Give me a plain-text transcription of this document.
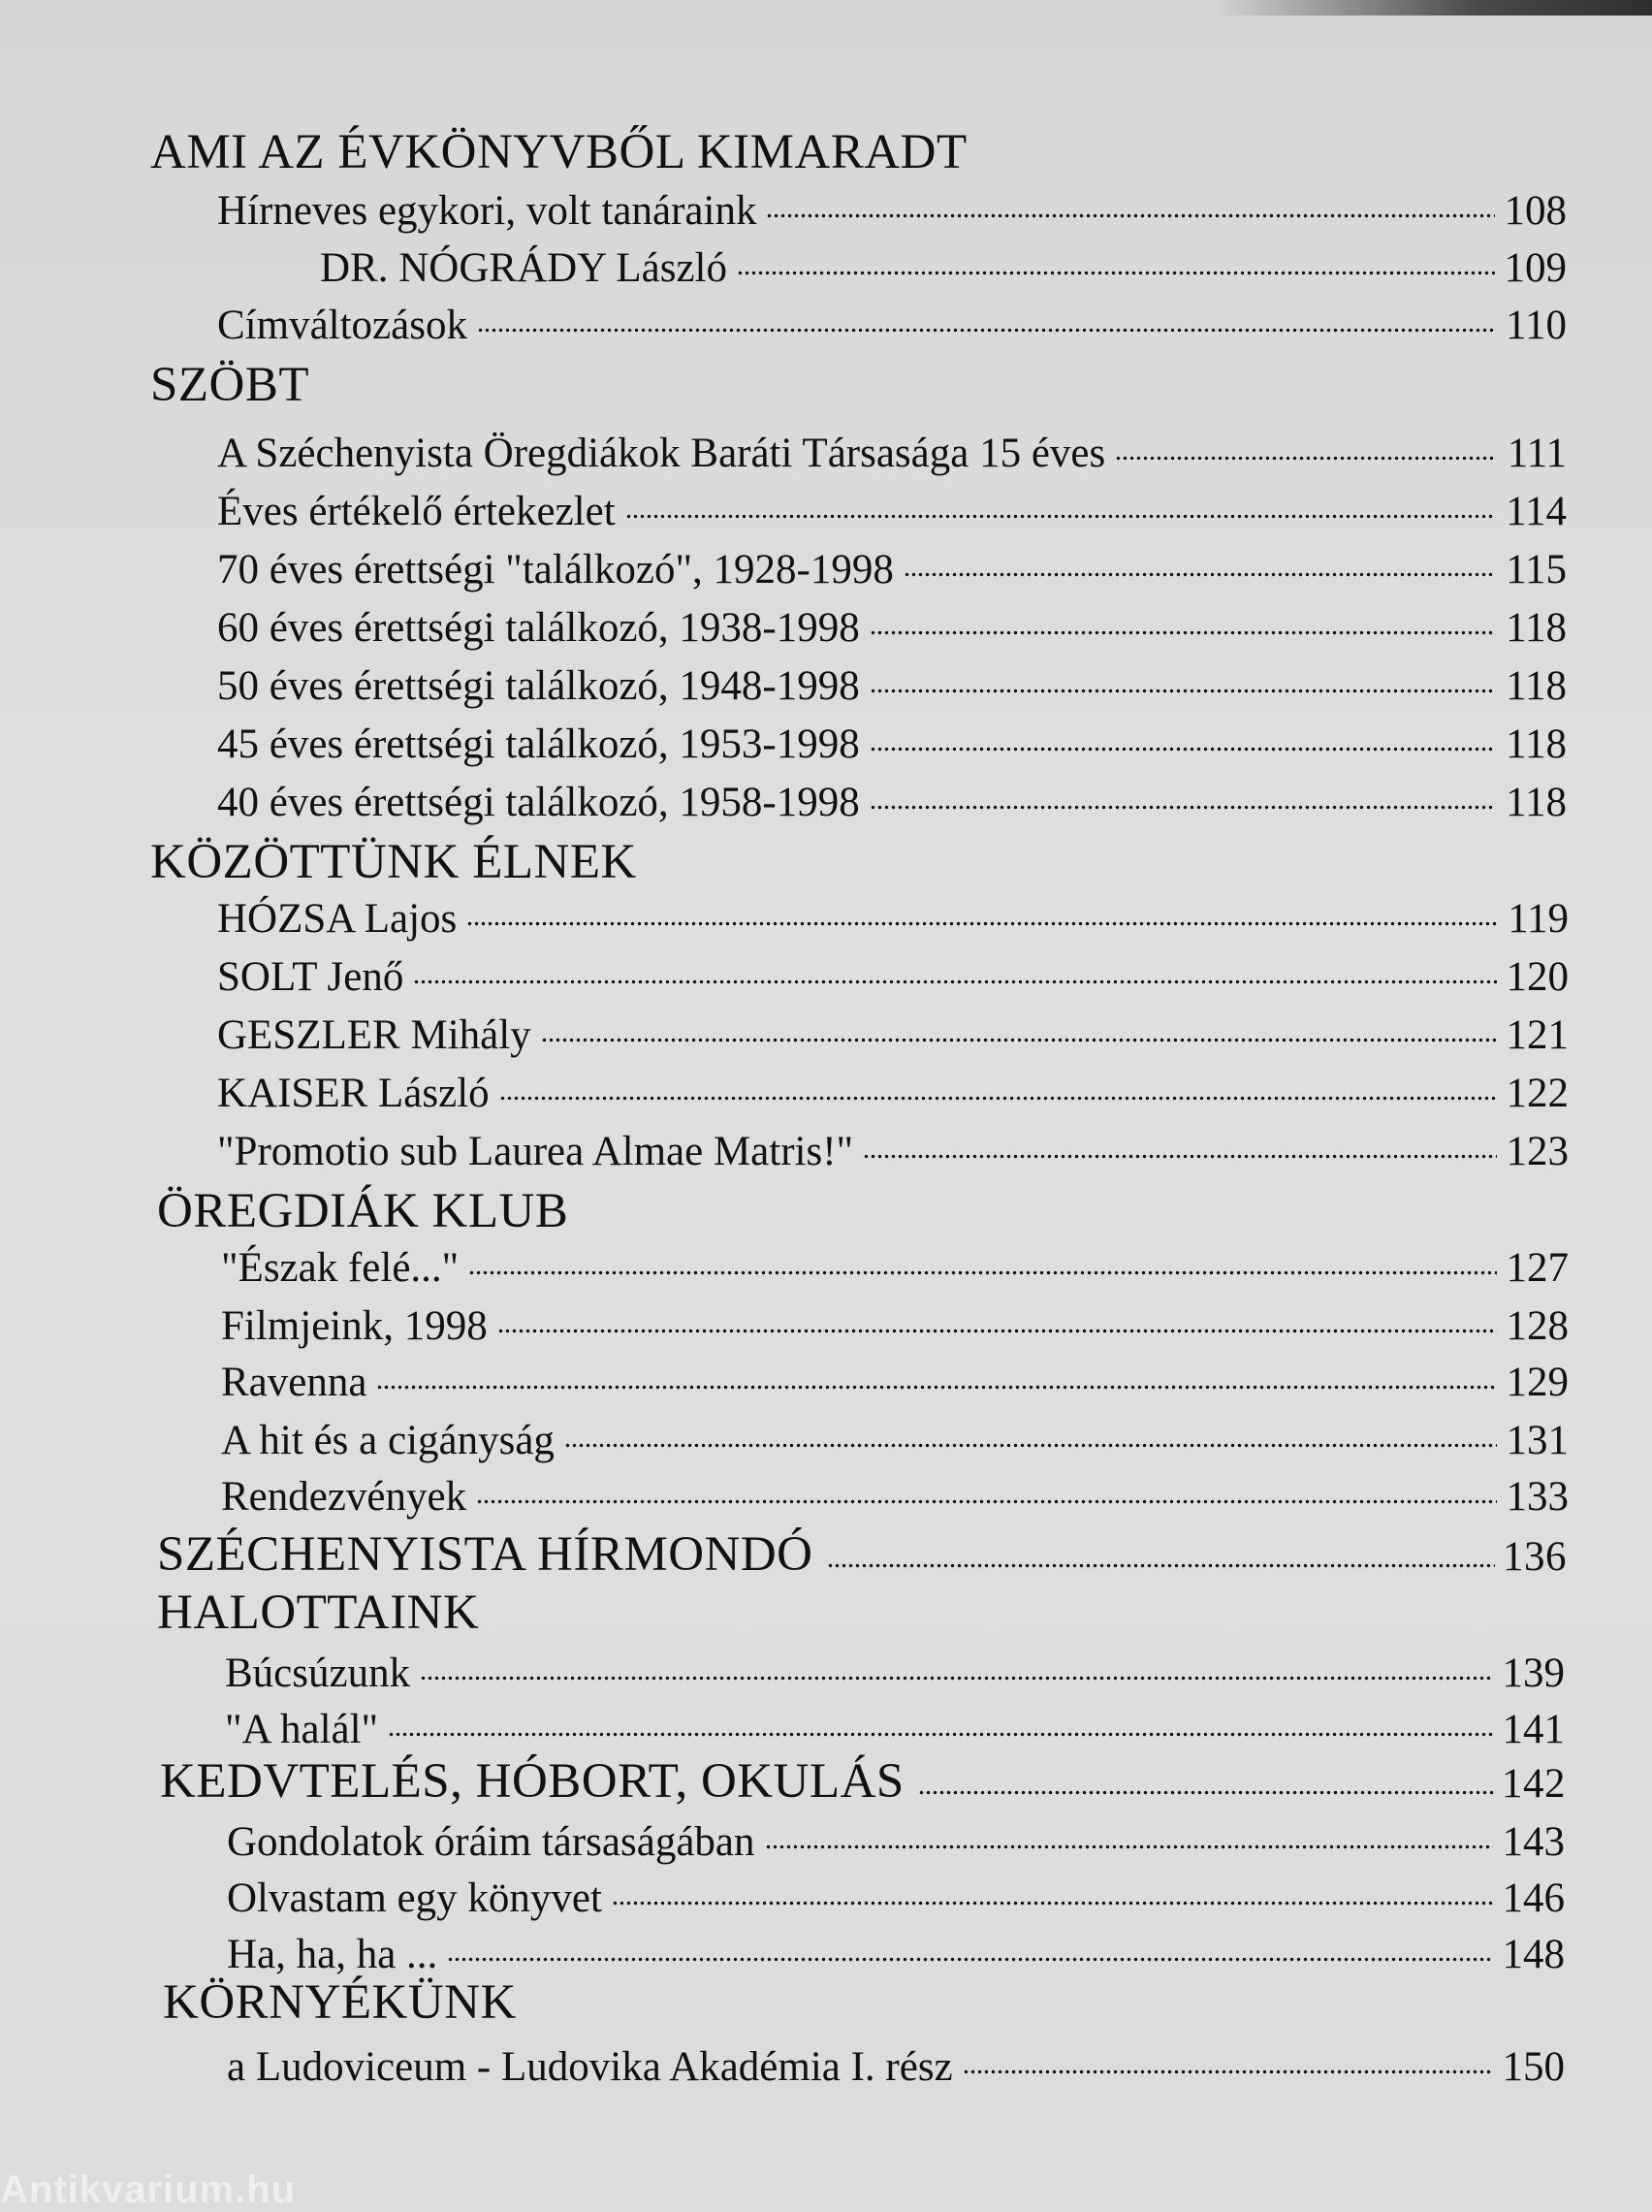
AMI AZ ÉVKÖNYVBŐL KIMARADT
Hírneves egykori, volt tanáraink	108
DR. NÓGRÁDY László	109
Címváltozások	110
SZÖBT
A Széchenyista Öregdiákok Baráti Társasága 15 éves	111
Éves értékelő értekezlet	114
70 éves érettségi "találkozó", 1928-1998	115
60 éves érettségi találkozó, 1938-1998	118
50 éves érettségi találkozó, 1948-1998	118
45 éves érettségi találkozó, 1953-1998	118
40 éves érettségi találkozó, 1958-1998	118
KÖZÖTTÜNK ÉLNEK
HÓZSA Lajos	119
SOLT Jenő	120
GESZLER Mihály	121
KAISER László	122
"Promotio sub Laurea Almae Matris!"	123
ÖREGDIÁK KLUB
"Észak felé..."	127
Filmjeink, 1998	128
Ravenna	129
A hit és a cigányság	131
Rendezvények	133
SZÉCHENYISTA HÍRMONDÓ	136
HALOTTAINK
Búcsúzunk	139
"A halál"	141
KEDVTELÉS, HÓBORT, OKULÁS	142
Gondolatok óráim társaságában	143
Olvastam egy könyvet	146
Ha, ha, ha ...	148
KÖRNYÉKÜNK
a Ludoviceum - Ludovika Akadémia I. rész	150
Antikvarium.hu
